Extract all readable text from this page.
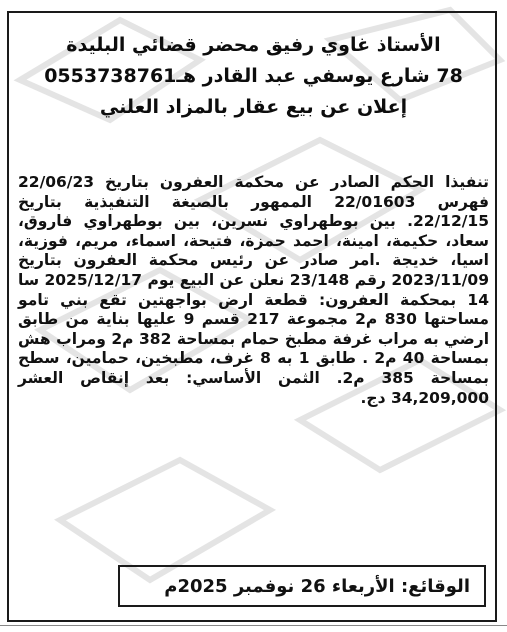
الأستاذ غاوي رفيق محضر قضائي البليدة
78 شارع يوسفي عبد القادر هـ0553738761
إعلان عن بيع عقار بالمزاد العلني
تنفيذا الحكم الصادر عن محكمة العفرون بتاريخ 22/06/23 فهرس 22/01603 الممهور بالصيغة التنفيذية بتاريخ 22/12/15. بين بوطهراوي نسرين، بين بوطهراوي فاروق، سعاد، حكيمة، امينة، احمد حمزة، فتيحة، اسماء، مريم، فوزية، اسيا، خديجة .امر صادر عن رئيس محكمة العفرون بتاريخ 2023/11/09 رقم 23/148 نعلن عن البيع يوم 2025/12/17 سا 14 بمحكمة العفرون: قطعة ارض بواجهتين تقع بني تامو مساحتها 830 م2 مجموعة 217 قسم 9 عليها بناية من طابق ارضي به مراب غرفة مطبخ حمام بمساحة 382 م2 ومراب هش بمساحة 40 م2 . طابق 1 به 8 غرف، مطبخين، حمامين، سطح بمساحة 385 م2. الثمن الأساسي: بعد إنقاص العشر 34,209,000 دج.
الوقائع: الأربعاء 26 نوفمبر 2025م
